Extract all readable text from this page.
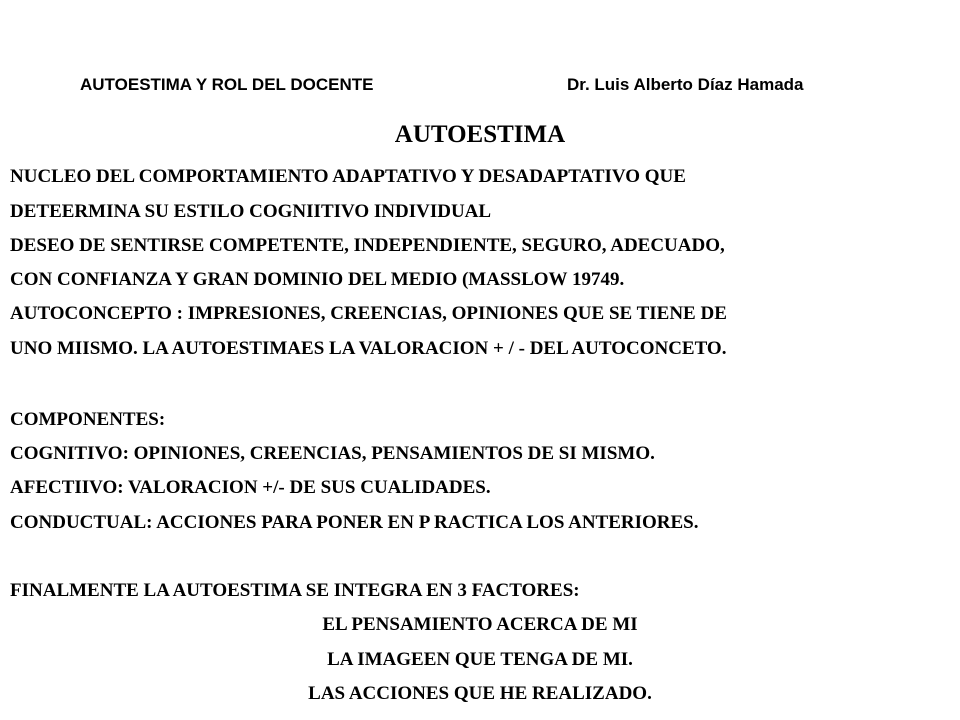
AUTOESTIMA Y ROL DEL DOCENTE	Dr. Luis Alberto Díaz Hamada
AUTOESTIMA
NUCLEO DEL COMPORTAMIENTO ADAPTATIVO Y DESADAPTATIVO QUE
DETEERMINA SU ESTILO COGNIITIVO INDIVIDUAL
DESEO DE SENTIRSE COMPETENTE, INDEPENDIENTE, SEGURO, ADECUADO,
CON CONFIANZA Y GRAN DOMINIO DEL MEDIO (MASSLOW 19749.
AUTOCONCEPTO : IMPRESIONES, CREENCIAS, OPINIONES QUE SE TIENE DE
UNO MIISMO. LA AUTOESTIMAES LA VALORACION + / - DEL AUTOCONCETO.
COMPONENTES:
COGNITIVO: OPINIONES, CREENCIAS, PENSAMIENTOS DE SI MISMO.
AFECTIIVO: VALORACION +/- DE SUS CUALIDADES.
CONDUCTUAL: ACCIONES PARA PONER EN P RACTICA LOS ANTERIORES.
FINALMENTE LA AUTOESTIMA SE INTEGRA EN 3 FACTORES:
EL PENSAMIENTO ACERCA DE MI
LA IMAGEEN QUE TENGA DE MI.
LAS ACCIONES QUE HE REALIZADO.
